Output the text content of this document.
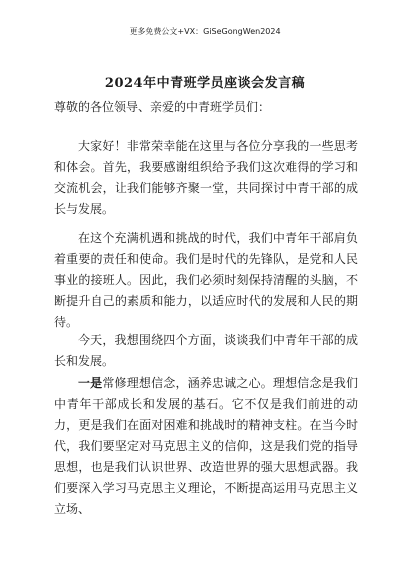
更多免费公文+VX：GiSeGongWen2024
2024年中青班学员座谈会发言稿
尊敬的各位领导、亲爱的中青班学员们：
大家好！非常荣幸能在这里与各位分享我的一些思考和体会。首先，我要感谢组织给予我们这次难得的学习和交流机会，让我们能够齐聚一堂，共同探讨中青干部的成长与发展。
在这个充满机遇和挑战的时代，我们中青年干部肩负着重要的责任和使命。我们是时代的先锋队，是党和人民事业的接班人。因此，我们必须时刻保持清醒的头脑，不断提升自己的素质和能力，以适应时代的发展和人民的期待。
今天，我想围绕四个方面，谈谈我们中青年干部的成长和发展。
一是常修理想信念，涵养忠诚之心。理想信念是我们中青年干部成长和发展的基石。它不仅是我们前进的动力，更是我们在面对困难和挑战时的精神支柱。在当今时代，我们要坚定对马克思主义的信仰，这是我们党的指导思想，也是我们认识世界、改造世界的强大思想武器。我们要深入学习马克思主义理论，不断提高运用马克思主义立场、
